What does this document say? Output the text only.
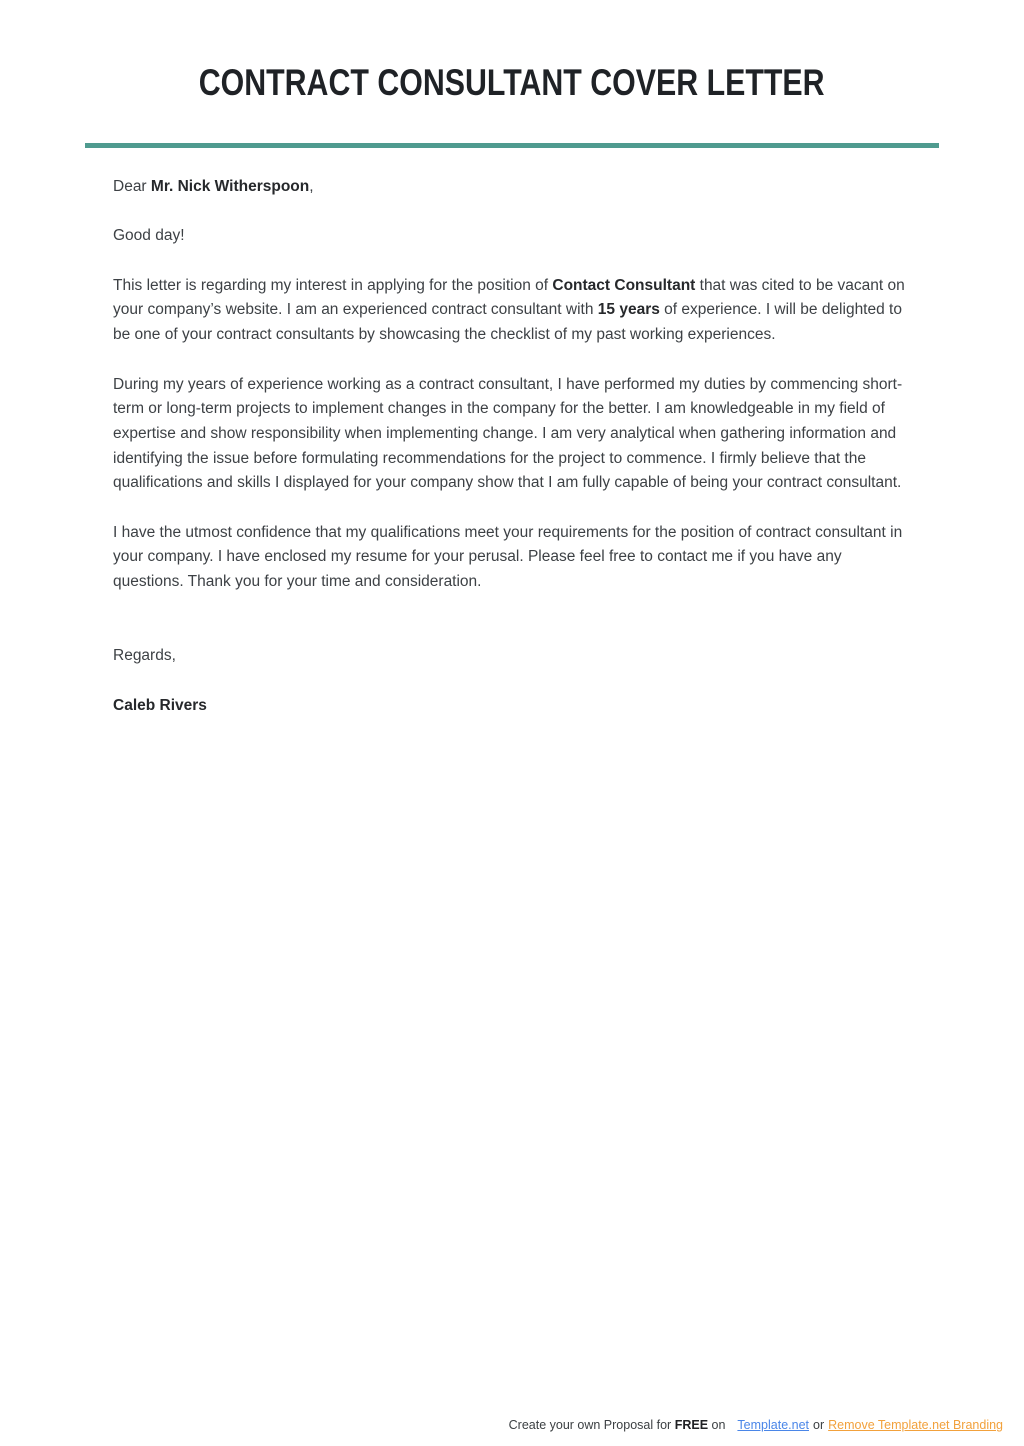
CONTRACT CONSULTANT COVER LETTER

Dear Mr. Nick Witherspoon,

Good day!

This letter is regarding my interest in applying for the position of Contact Consultant that was cited to be vacant on your company’s website. I am an experienced contract consultant with 15 years of experience. I will be delighted to be one of your contract consultants by showcasing the checklist of my past working experiences.

During my years of experience working as a contract consultant, I have performed my duties by commencing short-term or long-term projects to implement changes in the company for the better. I am knowledgeable in my field of expertise and show responsibility when implementing change. I am very analytical when gathering information and identifying the issue before formulating recommendations for the project to commence. I firmly believe that the qualifications and skills I displayed for your company show that I am fully capable of being your contract consultant.

I have the utmost confidence that my qualifications meet your requirements for the position of contract consultant in your company. I have enclosed my resume for your perusal. Please feel free to contact me if you have any questions. Thank you for your time and consideration.

Regards,

Caleb Rivers

Create your own Proposal for FREE on Template.net or Remove Template.net Branding
